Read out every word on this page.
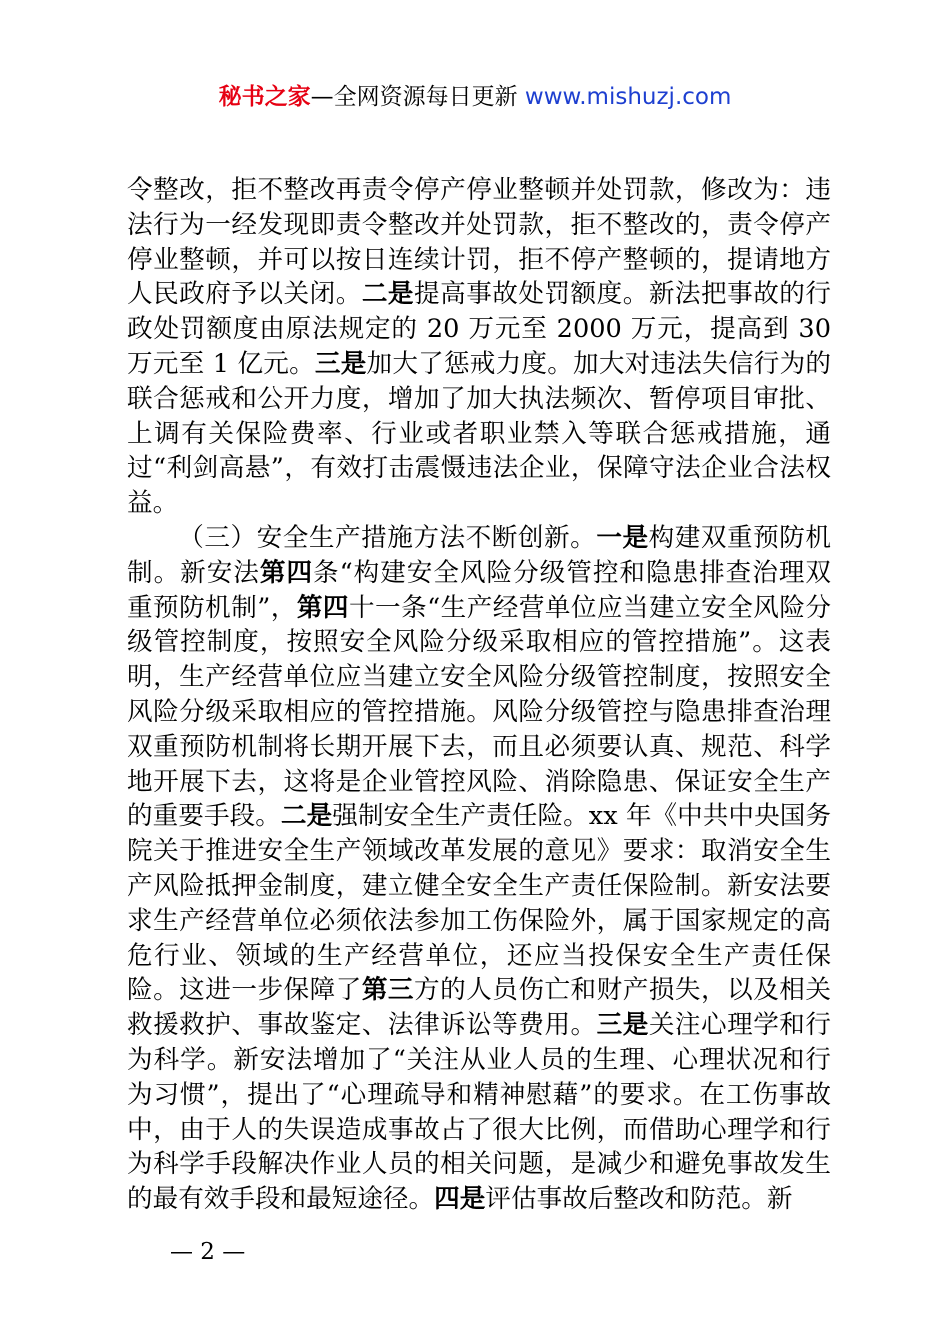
秘书之家—全网资源每日更新 www.mishuzj.com

令整改，拒不整改再责令停产停业整顿并处罚款，修改为：违法行为一经发现即责令整改并处罚款，拒不整改的，责令停产停业整顿，并可以按日连续计罚，拒不停产整顿的，提请地方人民政府予以关闭。二是提高事故处罚额度。新法把事故的行政处罚额度由原法规定的 20 万元至 2000 万元，提高到 30 万元至 1 亿元。三是加大了惩戒力度。加大对违法失信行为的联合惩戒和公开力度，增加了加大执法频次、暂停项目审批、上调有关保险费率、行业或者职业禁入等联合惩戒措施，通过“利剑高悬”，有效打击震慑违法企业，保障守法企业合法权益。

（三）安全生产措施方法不断创新。一是构建双重预防机制。新安法第四条“构建安全风险分级管控和隐患排查治理双重预防机制”，第四十一条“生产经营单位应当建立安全风险分级管控制度，按照安全风险分级采取相应的管控措施”。这表明，生产经营单位应当建立安全风险分级管控制度，按照安全风险分级采取相应的管控措施。风险分级管控与隐患排查治理双重预防机制将长期开展下去，而且必须要认真、规范、科学地开展下去，这将是企业管控风险、消除隐患、保证安全生产的重要手段。二是强制安全生产责任险。xx 年《中共中央国务院关于推进安全生产领域改革发展的意见》要求：取消安全生产风险抵押金制度，建立健全安全生产责任保险制。新安法要求生产经营单位必须依法参加工伤保险外，属于国家规定的高危行业、领域的生产经营单位，还应当投保安全生产责任保险。这进一步保障了第三方的人员伤亡和财产损失，以及相关救援救护、事故鉴定、法律诉讼等费用。三是关注心理学和行为科学。新安法增加了“关注从业人员的生理、心理状况和行为习惯”，提出了“心理疏导和精神慰藉”的要求。在工伤事故中，由于人的失误造成事故占了很大比例，而借助心理学和行为科学手段解决作业人员的相关问题，是减少和避免事故发生的最有效手段和最短途径。四是评估事故后整改和防范。新

— 2 —
